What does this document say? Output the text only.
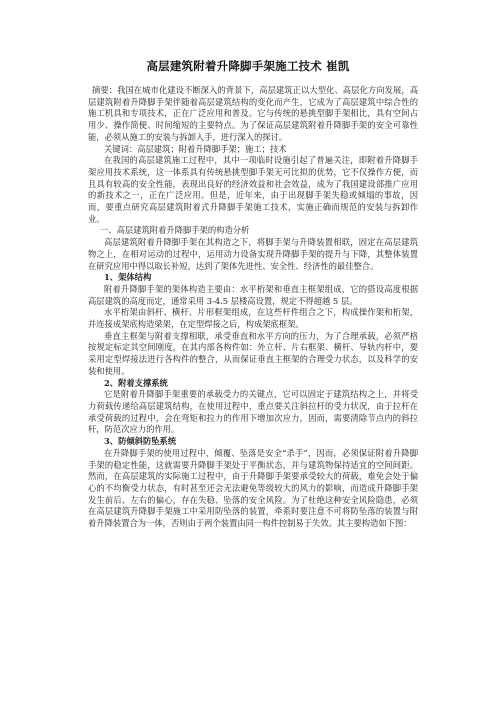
高层建筑附着升降脚手架施工技术 崔凯

摘要：我国在城市化建设不断深入的背景下，高层建筑正以大型化、高层化方向发展，高层建筑附着升降脚手架伴随着高层建筑结构的变化而产生，它成为了高层建筑中综合性的施工机具和专项技术，正在广泛应用和普及。它与传统的悬挑型脚手架相比，具有空间占用少、操作简便、时间缩短的主要特点。为了保证高层建筑附着升降脚手架的安全可靠性能，必须从施工的安装与拆卸入手，进行深入的探讨。

关键词：高层建筑；附着升降脚手架；施工；技术

在我国的高层建筑施工过程中，其中一项临时设施引起了普遍关注，即附着升降脚手架应用技术系统，这一体系具有传统悬挑型脚手架无可比拟的优势，它不仅操作方便，而且具有较高的安全性能，表现出良好的经济效益和社会效益，成为了我国建设部推广应用的新技术之一，正在广泛应用。但是，近年来，由于出现脚手架失稳或倾塌的事故，因而，要重点研究高层建筑附着式升降脚手架施工技术，实施正确而规范的安装与拆卸作业。

一、高层建筑附着升降脚手架的构造分析

高层建筑附着升降脚手架在其构造之下，将脚手架与升降装置相联，固定在高层建筑物之上，在相对运动的过程中，运用动力设备实现升降脚手架的提升与下降，其整体装置在研究应用中得以取长补短，达到了架体先进性、安全性、经济性的最佳整合。

1、架体结构

附着升降脚手架的架体构造主要由：水平桁架和垂直主框架组成，它的搭设高度根据高层建筑的高度而定，通常采用 3-4.5 层楼高设置，规定不得超越 5 层。

水平桁架由斜杆、横杆、片形框架组成，在这些杆件组合之下，构成操作架和桁架，并连接成架底构造梁架，在定型焊接之后，构成架底框架。

垂直主框架与附着支撑相联，承受垂直和水平方向的压力，为了合理承载，必须严格按规定标定其空间刚度，在其内部各构件如：外立杆、片右框架、横杆、导轨内杆中，要采用定型焊接法进行各构件的整合，从而保证垂直主框架的合理受力状态，以及科学的安装和使用。

2、附着支撑系统

它是附着升降脚手架重要的承载受力的关键点，它可以固定于建筑结构之上，并将受力荷载传递给高层建筑结构，在使用过程中，重点要关注斜拉杆的受力状况，由于拉杆在承受荷载的过程中，会在弯矩和拉力的作用下增加次应力，因而，需要清除节点内的斜拉杆，防范次应力的作用。

3、防倾斜防坠系统

在升降脚手架的使用过程中，倾覆、坠落是安全“杀手”，因而，必须保证附着升降脚手架的稳定性能，这就需要升降脚手架处于平衡状态，并与建筑物保持适宜的空间间距。然而，在高层建筑的实际施工过程中，由于升降脚手架要承受较大的荷载，难免会处于偏心的不均衡受力状态，有时甚至还会无法避免等级较大的风力的影响，而造成升降脚手架发生前后、左右的偏心，存在失稳、坠落的安全风险。为了杜绝这种安全风险隐患，必须在高层建筑升降脚手架施工中采用防坠落的装置，牵系时要注意不可将防坠落的装置与附着升降装置合为一体，否则由于两个装置由同一构件控制易于失效。其主要构造如下图：
